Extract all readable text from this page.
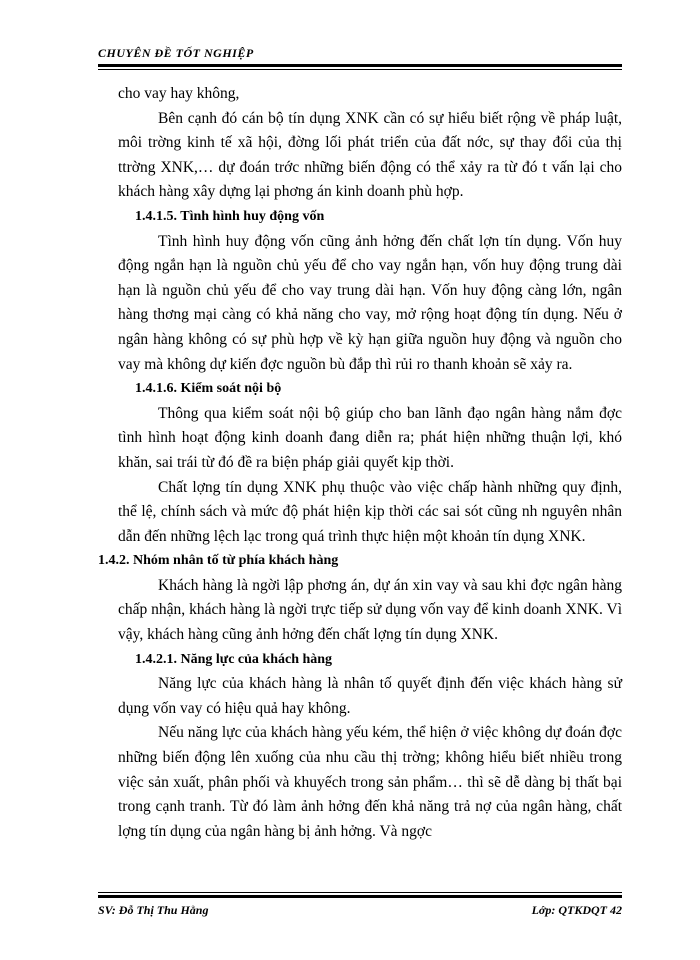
CHUYÊN ĐỀ TỐT NGHIỆP

cho vay hay không,

Bên cạnh đó cán bộ tín dụng XNK cần có sự hiểu biết rộng về pháp luật, môi trờng kinh tế xã hội, đờng lối phát triển của đất nớc, sự thay đổi của thị ttrờng XNK,… dự đoán trớc những biến động có thể xảy ra từ đó t vấn lại cho khách hàng xây dựng lại phơng án kinh doanh phù hợp.

1.4.1.5. Tình hình huy động vốn

Tình hình huy động vốn cũng ảnh hởng đến chất lợn tín dụng. Vốn huy động ngắn hạn là nguồn chủ yếu để cho vay ngắn hạn, vốn huy động trung dài hạn là nguồn chủ yếu để cho vay trung dài hạn. Vốn huy động càng lớn, ngân hàng thơng mại càng có khả năng cho vay, mở rộng hoạt động tín dụng. Nếu ở ngân hàng không có sự phù hợp về kỳ hạn giữa nguồn huy động và nguồn cho vay mà không dự kiến đợc nguồn bù đắp thì rủi ro thanh khoản sẽ xảy ra.

1.4.1.6. Kiểm soát nội bộ

Thông qua kiểm soát nội bộ giúp cho ban lãnh đạo ngân hàng nắm đợc tình hình hoạt động kinh doanh đang diễn ra; phát hiện những thuận lợi, khó khăn, sai trái từ đó đề ra biện pháp giải quyết kịp thời.

Chất lợng tín dụng XNK phụ thuộc vào việc chấp hành những quy định, thể lệ, chính sách và mức độ phát hiện kịp thời các sai sót cũng nh nguyên nhân dẫn đến những lệch lạc trong quá trình thực hiện một khoản tín dụng XNK.

1.4.2. Nhóm nhân tố từ phía khách hàng

Khách hàng là ngời lập phơng án, dự án xin vay và sau khi đợc ngân hàng chấp nhận, khách hàng là ngời trực tiếp sử dụng vốn vay để kinh doanh XNK. Vì vậy, khách hàng cũng ảnh hởng đến chất lợng tín dụng XNK.

1.4.2.1. Năng lực của khách hàng

Năng lực của khách hàng là nhân tố quyết định đến việc khách hàng sử dụng vốn vay có hiệu quả hay không.

Nếu năng lực của khách hàng yếu kém, thể hiện ở việc không dự đoán đợc những biến động lên xuống của nhu cầu thị trờng; không hiểu biết nhiều trong việc sản xuất, phân phối và khuyếch trong sản phẩm… thì sẽ dễ dàng bị thất bại trong cạnh tranh. Từ đó làm ảnh hởng đến khả năng trả nợ của ngân hàng, chất lợng tín dụng của ngân hàng bị ảnh hởng. Và ngợc

SV: Đỗ Thị Thu Hằng	Lớp: QTKDQT 42
